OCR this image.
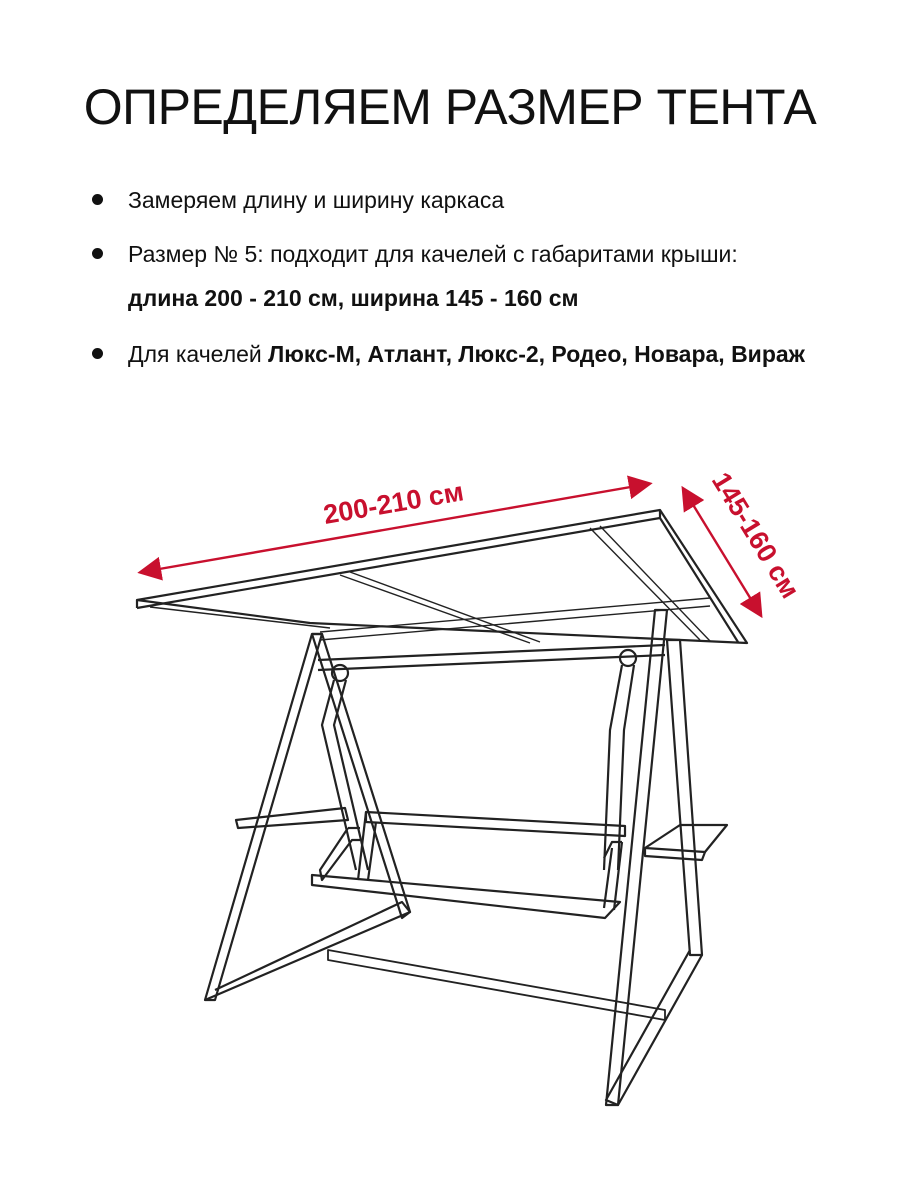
ОПРЕДЕЛЯЕМ РАЗМЕР ТЕНТА
Замеряем длину и ширину каркаса
Размер № 5: подходит для качелей с габаритами крыши:
длина 200 - 210 см, ширина 145 - 160 см
Для качелей Люкс-М, Атлант, Люкс-2, Родео, Новара, Вираж
200-210 см	145-160 см
